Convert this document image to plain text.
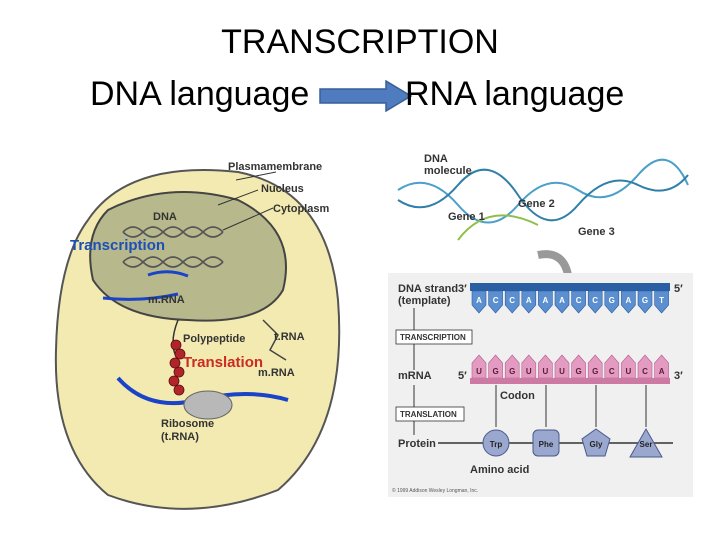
TRANSCRIPTION
DNA language	RNA language
Plasmamembrane
Nucleus
Cytoplasm
DNA
Transcription
m.RNA
Polypeptide	t.RNA
Translation
m.RNA
Ribosome
(t.RNA)
DNA
molecule
Gene 1
Gene 2
Gene 3
DNA strand
(template)
3′	5′
A C C A A A C C G A G T
TRANSCRIPTION
mRNA 5′	3′
U G G U U U G G C U C A
Codon
TRANSLATION
Protein	Trp	Phe	Gly	Ser
Amino acid
© 1999 Addison Wesley Longman, Inc.
